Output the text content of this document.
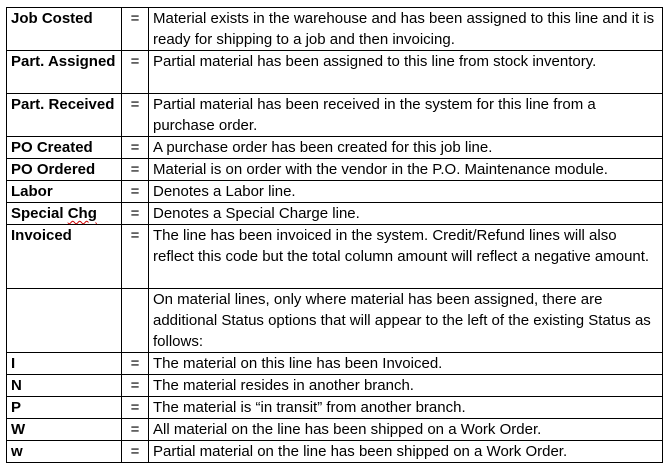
Job Costed	=	Material exists in the warehouse and has been assigned to this line and it is ready for shipping to a job and then invoicing.
Part. Assigned	=	Partial material has been assigned to this line from stock inventory.
Part. Received	=	Partial material has been received in the system for this line from a purchase order.
PO Created	=	A purchase order has been created for this job line.
PO Ordered	=	Material is on order with the vendor in the P.O. Maintenance module.
Labor	=	Denotes a Labor line.
Special Chg	=	Denotes a Special Charge line.
Invoiced	=	The line has been invoiced in the system. Credit/Refund lines will also reflect this code but the total column amount will reflect a negative amount.
		On material lines, only where material has been assigned, there are additional Status options that will appear to the left of the existing Status as follows:
I	=	The material on this line has been Invoiced.
N	=	The material resides in another branch.
P	=	The material is “in transit” from another branch.
W	=	All material on the line has been shipped on a Work Order.
w	=	Partial material on the line has been shipped on a Work Order.
